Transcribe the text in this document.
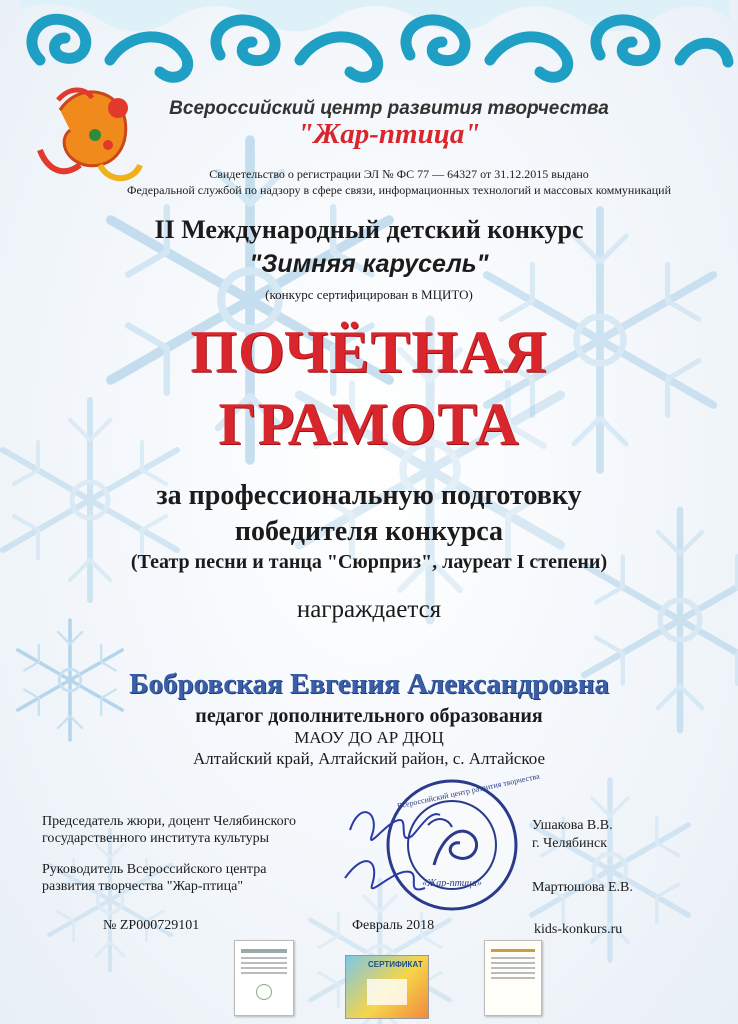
Всероссийский центр развития творчества
"Жар-птица"
Свидетельство о регистрации ЭЛ № ФС 77 — 64327 от 31.12.2015 выдано
Федеральной службой по надзору в сфере связи, информационных технологий и массовых коммуникаций
II Международный детский конкурс
"Зимняя карусель"
(конкурс сертифицирован в МЦИТО)
ПОЧЁТНАЯ
ГРАМОТА
за профессиональную подготовку
победителя конкурса
(Театр песни и танца "Сюрприз", лауреат I степени)
награждается
Бобровская Евгения Александровна
педагог дополнительного образования
МАОУ ДО АР ДЮЦ
Алтайский край, Алтайский район, с. Алтайское
Председатель жюри, доцент Челябинского
государственного института культуры
Руководитель Всероссийского центра
развития творчества "Жар-птица"
Ушакова В.В.
г. Челябинск
Мартюшова Е.В.
Всероссийский центр развития творчества
«Жар-птица»
№ ZP000729101	Февраль 2018	kids-konkurs.ru
СЕРТИФИКАТ
